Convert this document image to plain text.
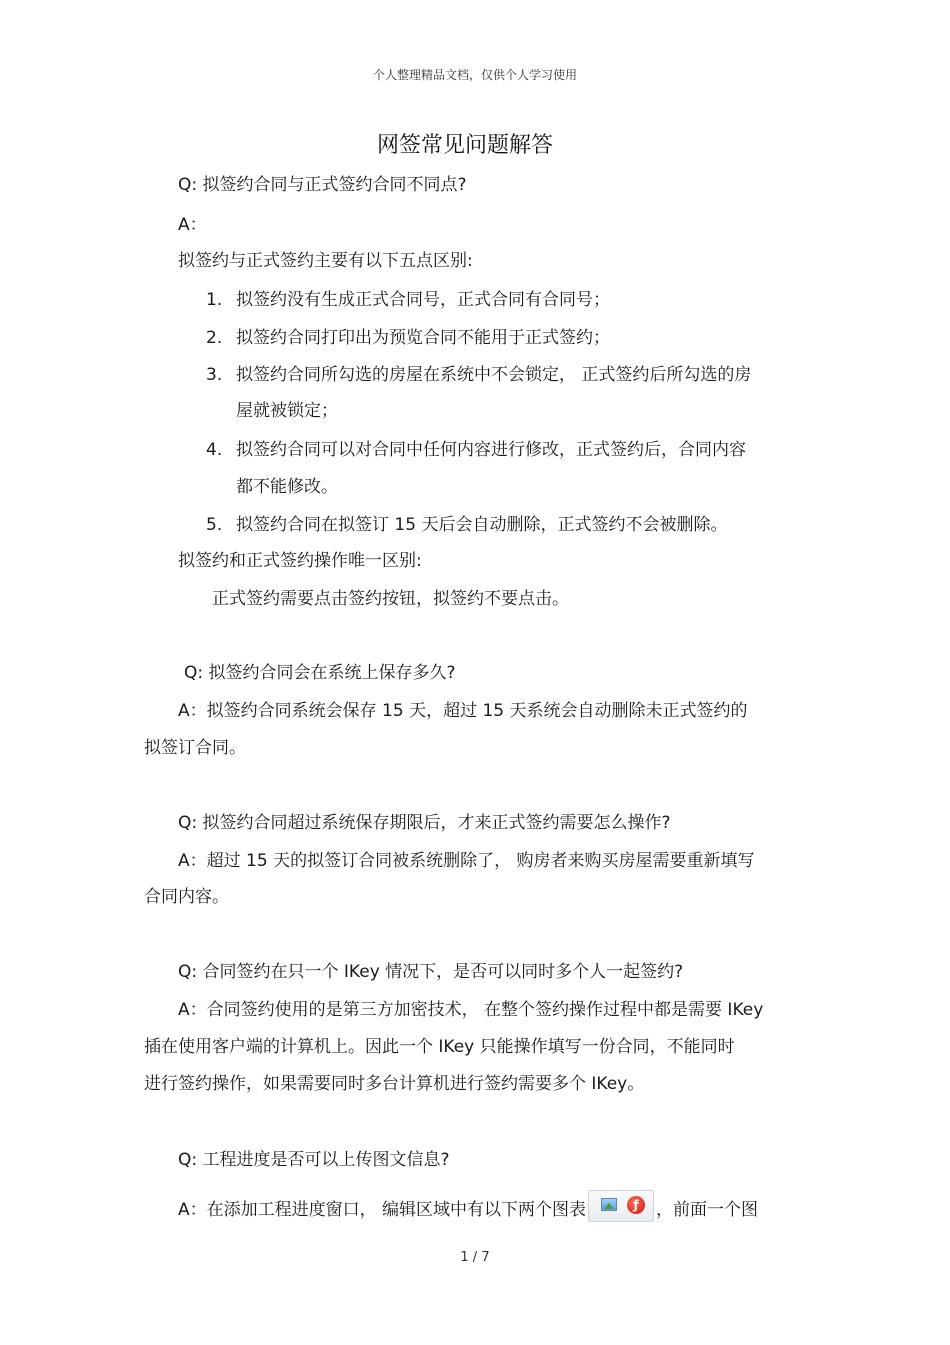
个人整理精品文档，仅供个人学习使用
网签常见问题解答
Q: 拟签约合同与正式签约合同不同点?
A：
拟签约与正式签约主要有以下五点区别:
1. 拟签约没有生成正式合同号，正式合同有合同号；
2. 拟签约合同打印出为预览合同不能用于正式签约；
3. 拟签约合同所勾选的房屋在系统中不会锁定， 正式签约后所勾选的房
屋就被锁定；
4. 拟签约合同可以对合同中任何内容进行修改，正式签约后，合同内容
都不能修改。
5. 拟签约合同在拟签订 15 天后会自动删除，正式签约不会被删除。
拟签约和正式签约操作唯一区别:
正式签约需要点击签约按钮，拟签约不要点击。
Q: 拟签约合同会在系统上保存多久?
A：拟签约合同系统会保存 15 天，超过 15 天系统会自动删除未正式签约的
拟签订合同。
Q: 拟签约合同超过系统保存期限后，才来正式签约需要怎么操作?
A：超过 15 天的拟签订合同被系统删除了， 购房者来购买房屋需要重新填写
合同内容。
Q: 合同签约在只一个 IKey 情况下，是否可以同时多个人一起签约?
A：合同签约使用的是第三方加密技术， 在整个签约操作过程中都是需要 IKey
插在使用客户端的计算机上。因此一个 IKey 只能操作填写一份合同，不能同时
进行签约操作，如果需要同时多台计算机进行签约需要多个 IKey。
Q: 工程进度是否可以上传图文信息?
A：在添加工程进度窗口， 编辑区域中有以下两个图表	ƒ	，前面一个图
1 / 7
